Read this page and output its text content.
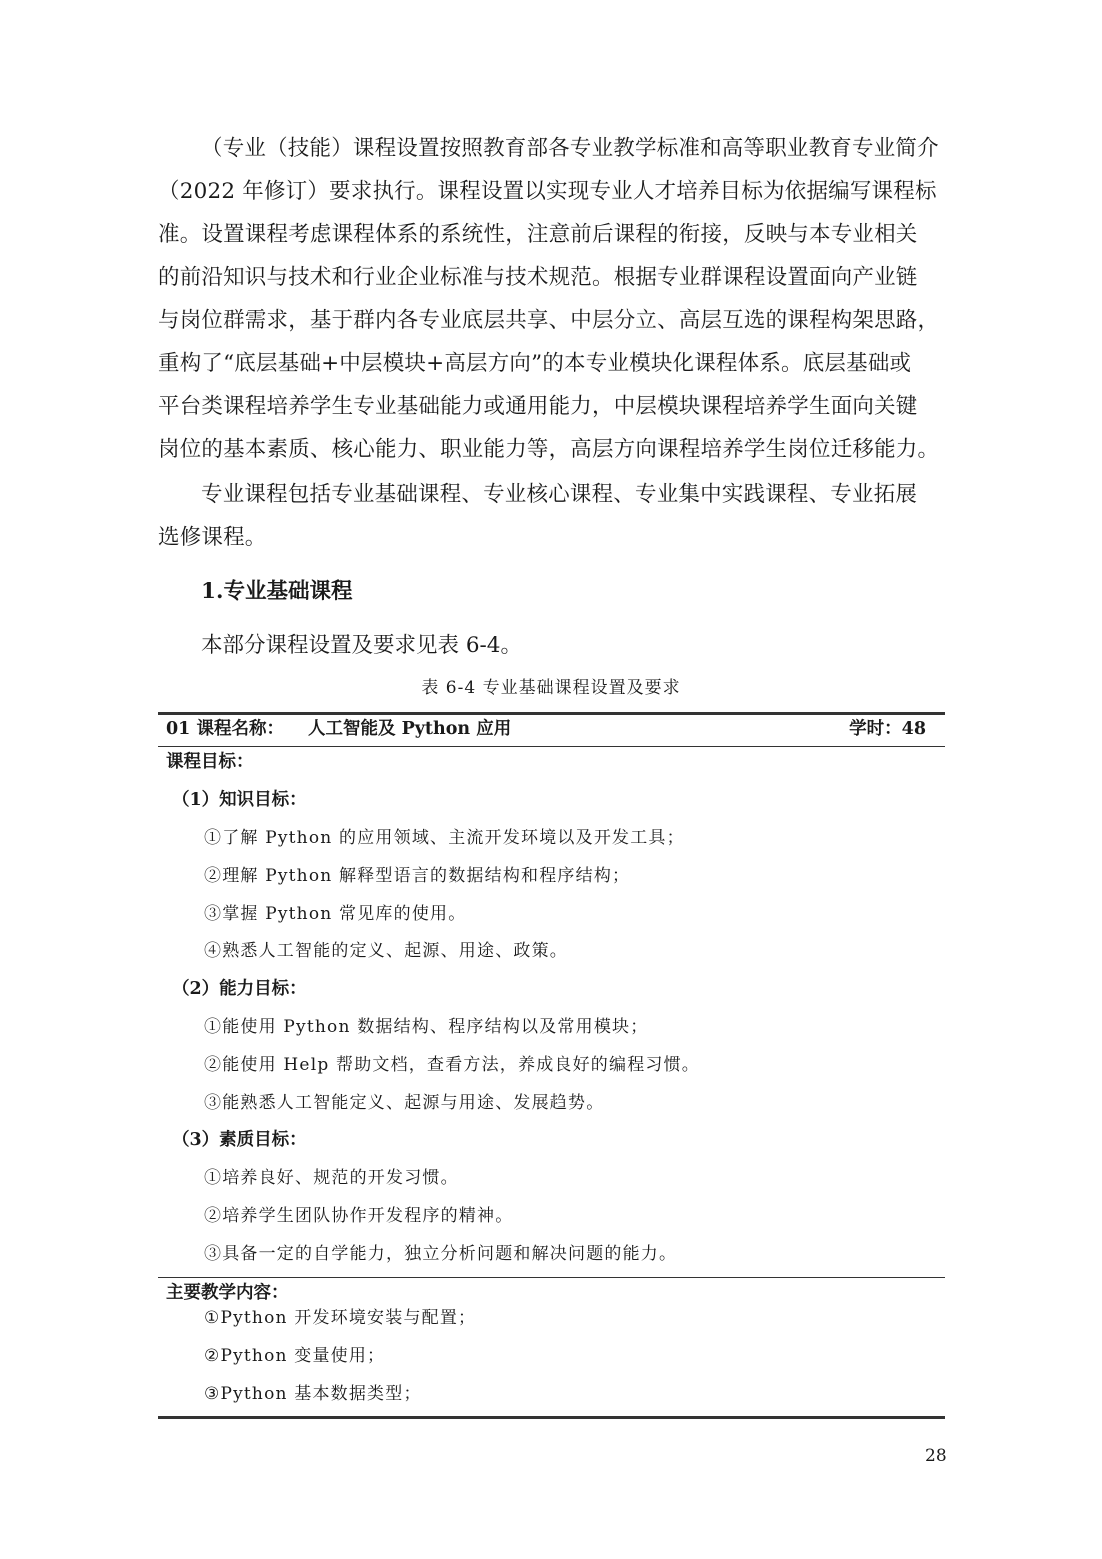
（专业（技能）课程设置按照教育部各专业教学标准和高等职业教育专业简介
（2022 年修订）要求执行。课程设置以实现专业人才培养目标为依据编写课程标
准。设置课程考虑课程体系的系统性，注意前后课程的衔接，反映与本专业相关
的前沿知识与技术和行业企业标准与技术规范。根据专业群课程设置面向产业链
与岗位群需求，基于群内各专业底层共享、中层分立、高层互选的课程构架思路，
重构了“底层基础+中层模块+高层方向”的本专业模块化课程体系。底层基础或
平台类课程培养学生专业基础能力或通用能力，中层模块课程培养学生面向关键
岗位的基本素质、核心能力、职业能力等，高层方向课程培养学生岗位迁移能力。
专业课程包括专业基础课程、专业核心课程、专业集中实践课程、专业拓展
选修课程。
1.专业基础课程
本部分课程设置及要求见表 6-4。
表 6-4 专业基础课程设置及要求
01 课程名称： 人工智能及 Python 应用	学时：48
课程目标：
（1）知识目标：
①了解 Python 的应用领域、主流开发环境以及开发工具；
②理解 Python 解释型语言的数据结构和程序结构；
③掌握 Python 常见库的使用。
④熟悉人工智能的定义、起源、用途、政策。
（2）能力目标：
①能使用 Python 数据结构、程序结构以及常用模块；
②能使用 Help 帮助文档，查看方法，养成良好的编程习惯。
③能熟悉人工智能定义、起源与用途、发展趋势。
（3）素质目标：
①培养良好、规范的开发习惯。
②培养学生团队协作开发程序的精神。
③具备一定的自学能力，独立分析问题和解决问题的能力。
主要教学内容：
①Python 开发环境安装与配置；
②Python 变量使用；
③Python 基本数据类型；
28
